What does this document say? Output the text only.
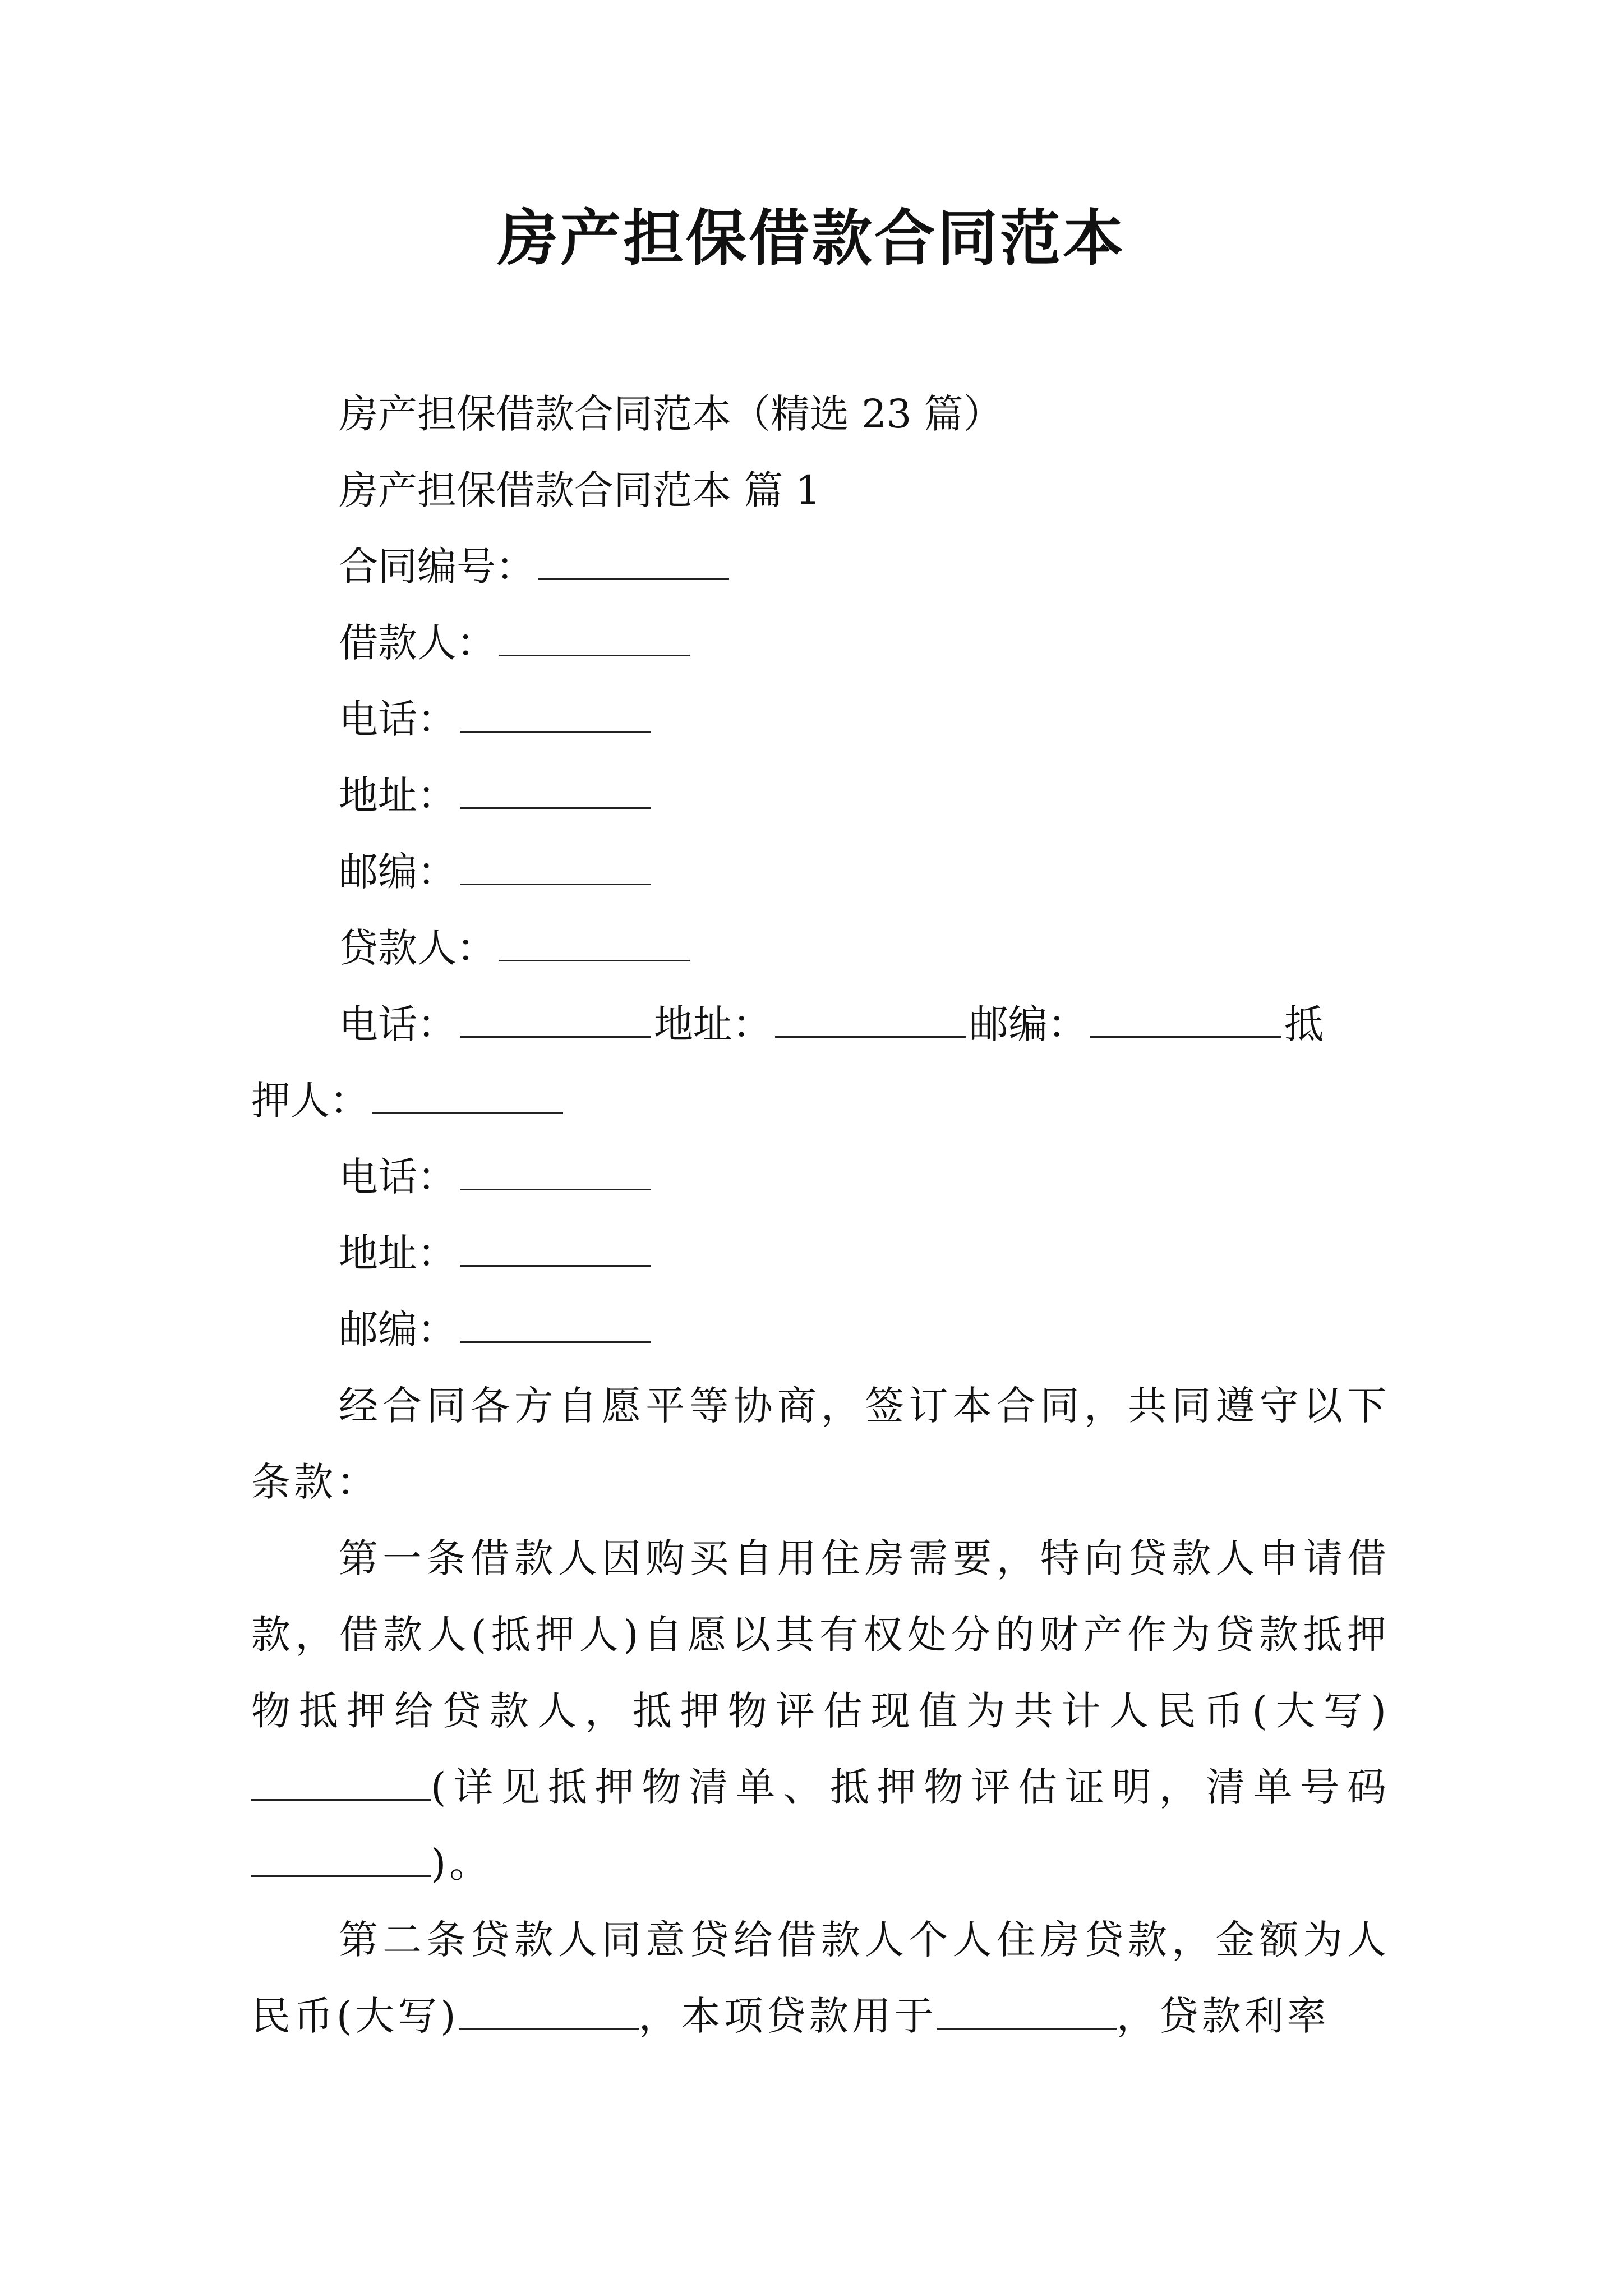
房产担保借款合同范本

房产担保借款合同范本（精选 23 篇）

房产担保借款合同范本 篇 1

合同编号：

借款人：

电话：

地址：

邮编：

贷款人：

电话：	地址：	邮编：	抵

押人：

电话：

地址：

邮编：

经合同各方自愿平等协商，签订本合同，共同遵守以下条款：

第一条借款人因购买自用住房需要，特向贷款人申请借款，借款人(抵押人)自愿以其有权处分的财产作为贷款抵押物抵押给贷款人，抵押物评估现值为共计人民币(大写)(详见抵押物清单、抵押物评估证明，清单号码)。

第二条贷款人同意贷给借款人个人住房贷款，金额为人民币(大写)	，本项贷款用于	，贷款利率
